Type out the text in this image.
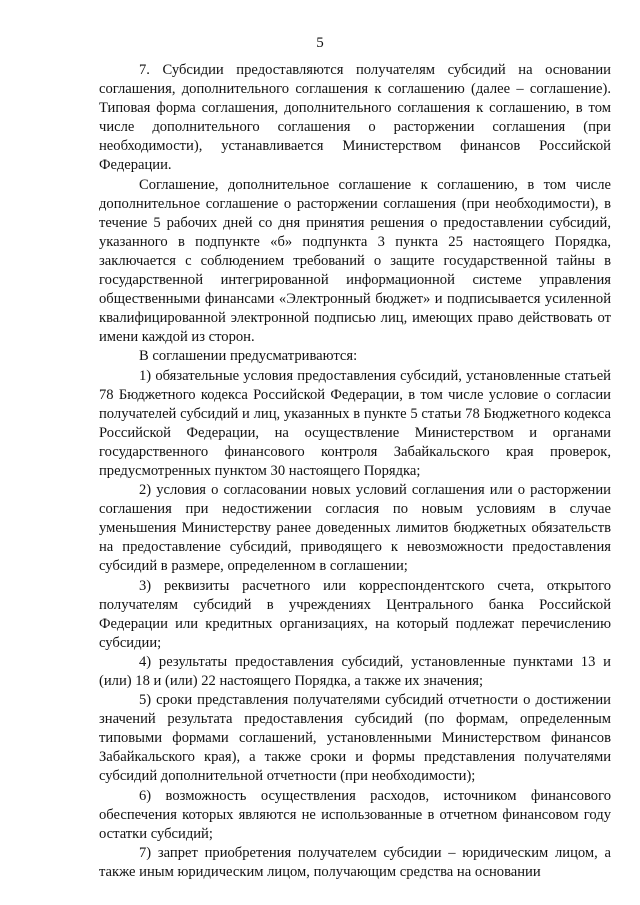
5

7. Субсидии предоставляются получателям субсидий на основании соглашения, дополнительного соглашения к соглашению (далее – соглашение). Типовая форма соглашения, дополнительного соглашения к соглашению, в том числе дополнительного соглашения о расторжении соглашения (при необходимости), устанавливается Министерством финансов Российской Федерации.

Соглашение, дополнительное соглашение к соглашению, в том числе дополнительное соглашение о расторжении соглашения (при необходимости), в течение 5 рабочих дней со дня принятия решения о предоставлении субсидий, указанного в подпункте «б» подпункта 3 пункта 25 настоящего Порядка, заключается с соблюдением требований о защите государственной тайны в государственной интегрированной информационной системе управления общественными финансами «Электронный бюджет» и подписывается усиленной квалифицированной электронной подписью лиц, имеющих право действовать от имени каждой из сторон.

В соглашении предусматриваются:

1) обязательные условия предоставления субсидий, установленные статьей 78 Бюджетного кодекса Российской Федерации, в том числе условие о согласии получателей субсидий и лиц, указанных в пункте 5 статьи 78 Бюджетного кодекса Российской Федерации, на осуществление Министерством и органами государственного финансового контроля Забайкальского края проверок, предусмотренных пунктом 30 настоящего Порядка;

2) условия о согласовании новых условий соглашения или о расторжении соглашения при недостижении согласия по новым условиям в случае уменьшения Министерству ранее доведенных лимитов бюджетных обязательств на предоставление субсидий, приводящего к невозможности предоставления субсидий в размере, определенном в соглашении;

3) реквизиты расчетного или корреспондентского счета, открытого получателям субсидий в учреждениях Центрального банка Российской Федерации или кредитных организациях, на который подлежат перечислению субсидии;

4) результаты предоставления субсидий, установленные пунктами 13 и (или) 18 и (или) 22 настоящего Порядка, а также их значения;

5) сроки представления получателями субсидий отчетности о достижении значений результата предоставления субсидий (по формам, определенным типовыми формами соглашений, установленными Министерством финансов Забайкальского края), а также сроки и формы представления получателями субсидий дополнительной отчетности (при необходимости);

6) возможность осуществления расходов, источником финансового обеспечения которых являются не использованные в отчетном финансовом году остатки субсидий;

7) запрет приобретения получателем субсидии – юридическим лицом, а также иным юридическим лицом, получающим средства на основании
